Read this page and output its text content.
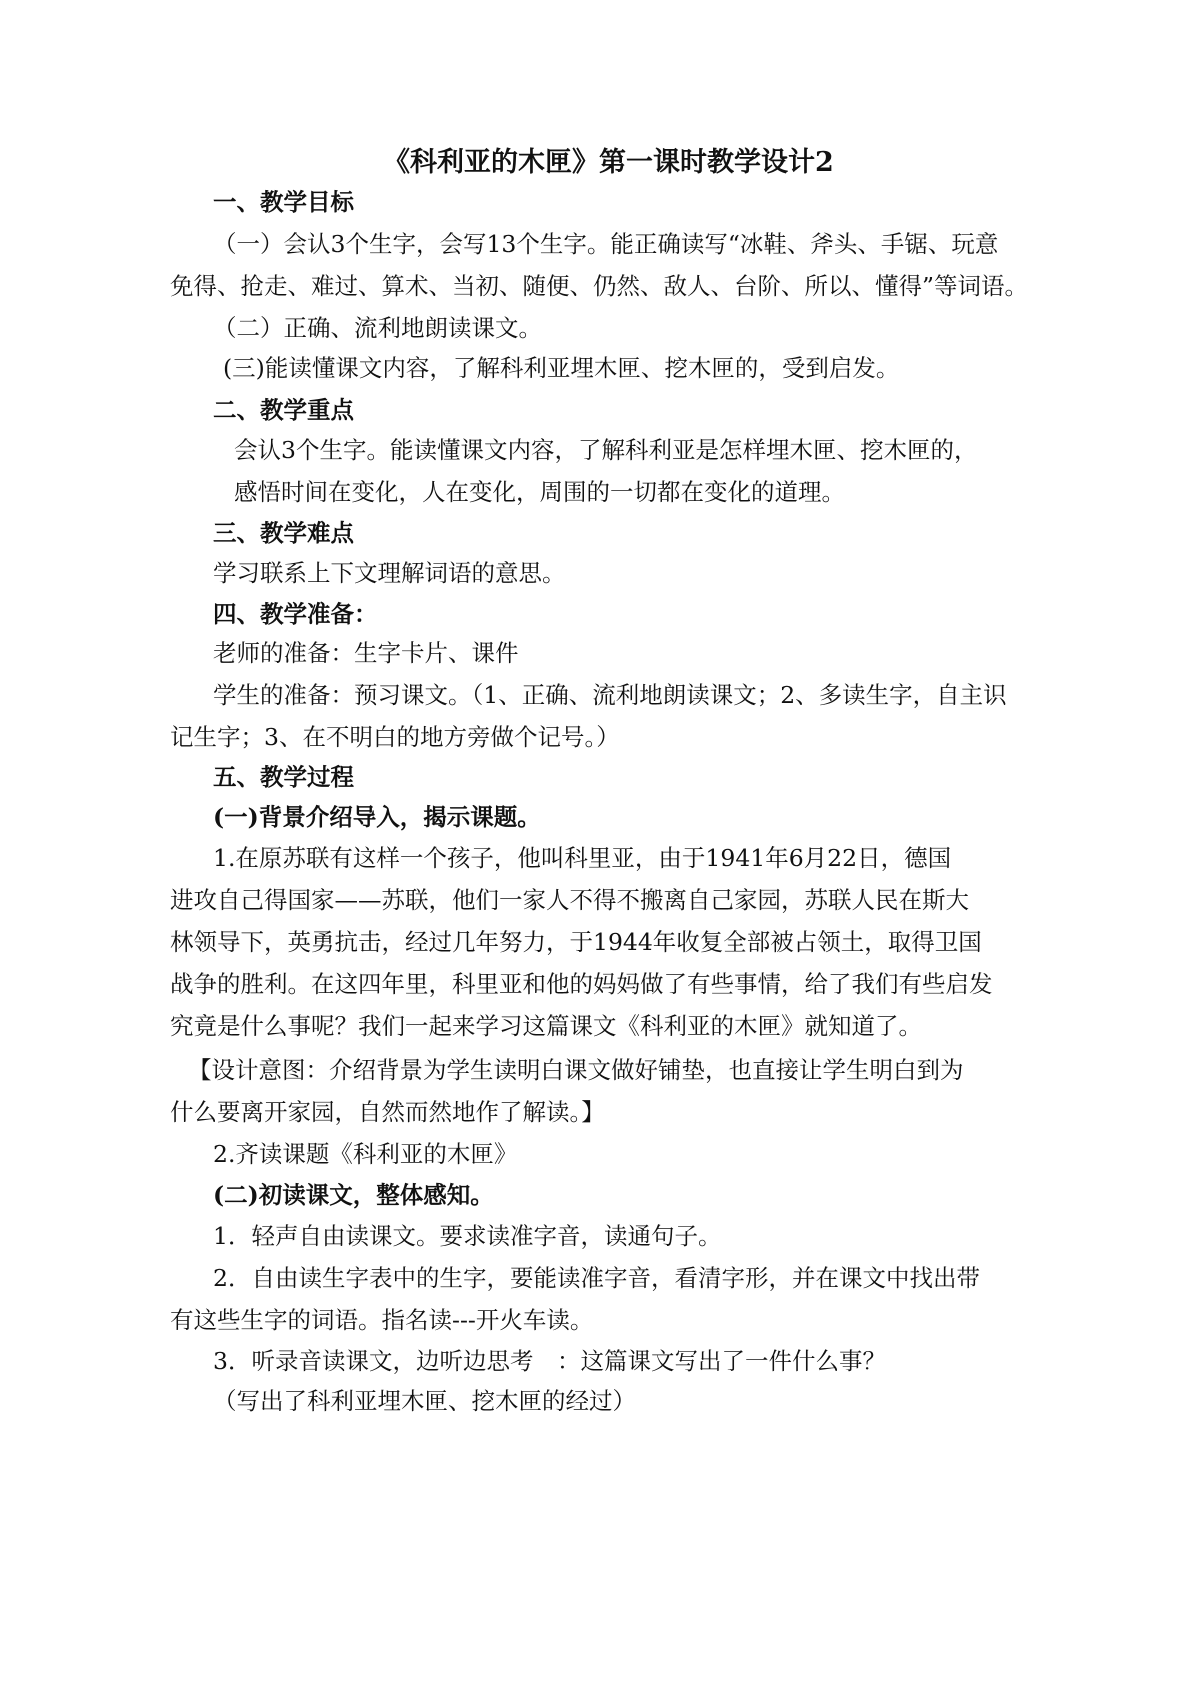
《科利亚的木匣》第一课时教学设计2
一、教学目标
（一）会认3个生字，会写13个生字。能正确读写“冰鞋、斧头、手锯、玩意
免得、抢走、难过、算术、当初、随便、仍然、敌人、台阶、所以、懂得”等词语。
（二）正确、流利地朗读课文。
(三)能读懂课文内容，了解科利亚埋木匣、挖木匣的，受到启发。
二、教学重点
会认3个生字。能读懂课文内容，了解科利亚是怎样埋木匣、挖木匣的，
感悟时间在变化，人在变化，周围的一切都在变化的道理。
三、教学难点
学习联系上下文理解词语的意思。
四、教学准备：
老师的准备：生字卡片、课件
学生的准备：预习课文。（1、正确、流利地朗读课文；2、多读生字，自主识
记生字；3、在不明白的地方旁做个记号。）
五、教学过程
(一)背景介绍导入，揭示课题。
1.在原苏联有这样一个孩子，他叫科里亚，由于1941年6月22日，德国
进攻自己得国家——苏联，他们一家人不得不搬离自己家园，苏联人民在斯大
林领导下，英勇抗击，经过几年努力，于1944年收复全部被占领土，取得卫国
战争的胜利。在这四年里，科里亚和他的妈妈做了有些事情，给了我们有些启发
究竟是什么事呢？我们一起来学习这篇课文《科利亚的木匣》就知道了。
【设计意图：介绍背景为学生读明白课文做好铺垫，也直接让学生明白到为
什么要离开家园，自然而然地作了解读。】
2.齐读课题《科利亚的木匣》
(二)初读课文，整体感知。
1．轻声自由读课文。要求读准字音，读通句子。
2．自由读生字表中的生字，要能读准字音，看清字形，并在课文中找出带
有这些生字的词语。指名读---开火车读。
3．听录音读课文，边听边思考　：这篇课文写出了一件什么事？
（写出了科利亚埋木匣、挖木匣的经过）
